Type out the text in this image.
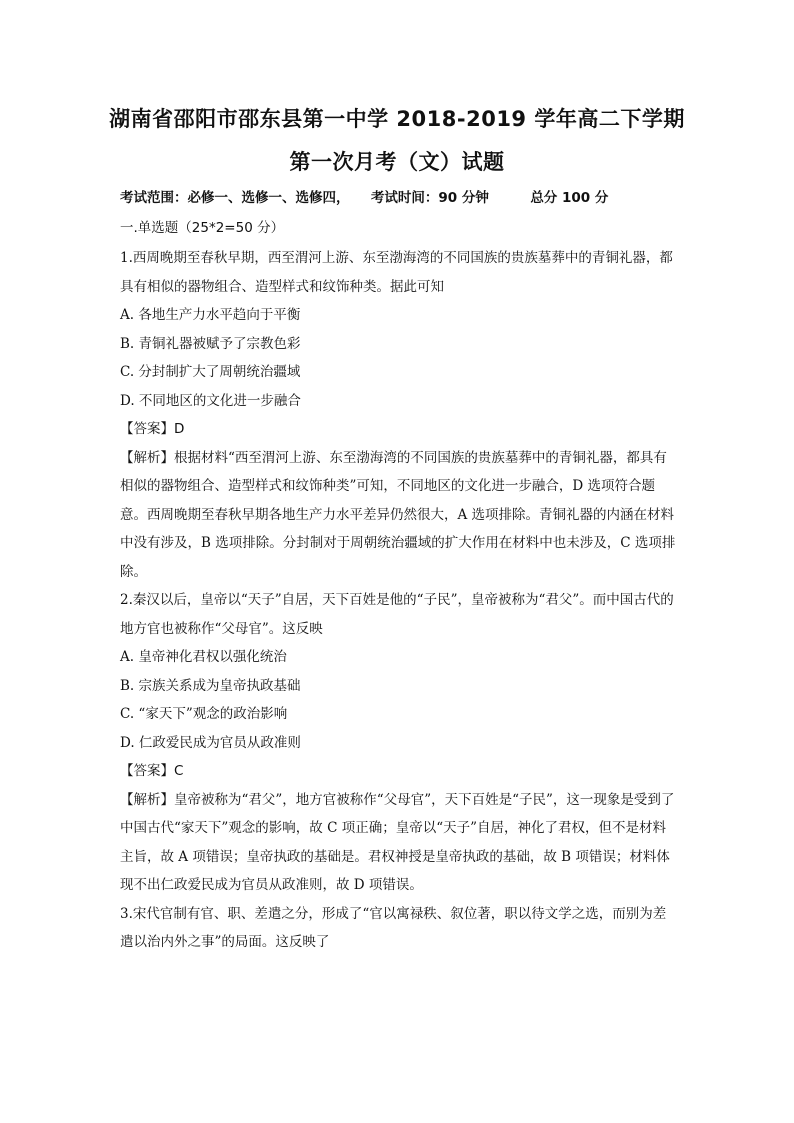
湖南省邵阳市邵东县第一中学 2018-2019 学年高二下学期
第一次月考（文）试题
考试范围：必修一、选修一、选修四， 考试时间：90 分钟	总分 100 分
一.单选题（25*2=50 分）

1.西周晚期至春秋早期，西至渭河上游、东至渤海湾的不同国族的贵族墓葬中的青铜礼器，都具有相似的器物组合、造型样式和纹饰种类。据此可知

A. 各地生产力水平趋向于平衡

B. 青铜礼器被赋予了宗教色彩

C. 分封制扩大了周朝统治疆域

D. 不同地区的文化进一步融合

【答案】D

【解析】根据材料“西至渭河上游、东至渤海湾的不同国族的贵族墓葬中的青铜礼器，都具有相似的器物组合、造型样式和纹饰种类”可知，不同地区的文化进一步融合，D 选项符合题意。西周晚期至春秋早期各地生产力水平差异仍然很大，A 选项排除。青铜礼器的内涵在材料中没有涉及，B 选项排除。分封制对于周朝统治疆域的扩大作用在材料中也未涉及，C 选项排除。

2.秦汉以后，皇帝以“天子”自居，天下百姓是他的“子民”，皇帝被称为“君父”。而中国古代的地方官也被称作“父母官”。这反映

A. 皇帝神化君权以强化统治

B. 宗族关系成为皇帝执政基础

C. “家天下”观念的政治影响

D. 仁政爱民成为官员从政准则

【答案】C

【解析】皇帝被称为“君父”，地方官被称作“父母官”，天下百姓是“子民”，这一现象是受到了中国古代“家天下”观念的影响，故 C 项正确；皇帝以“天子”自居，神化了君权，但不是材料主旨，故 A 项错误；皇帝执政的基础是。君权神授是皇帝执政的基础，故 B 项错误；材料体现不出仁政爱民成为官员从政准则，故 D 项错误。

3.宋代官制有官、职、差遣之分，形成了“官以寓禄秩、叙位著，职以待文学之选，而别为差遣以治内外之事”的局面。这反映了
